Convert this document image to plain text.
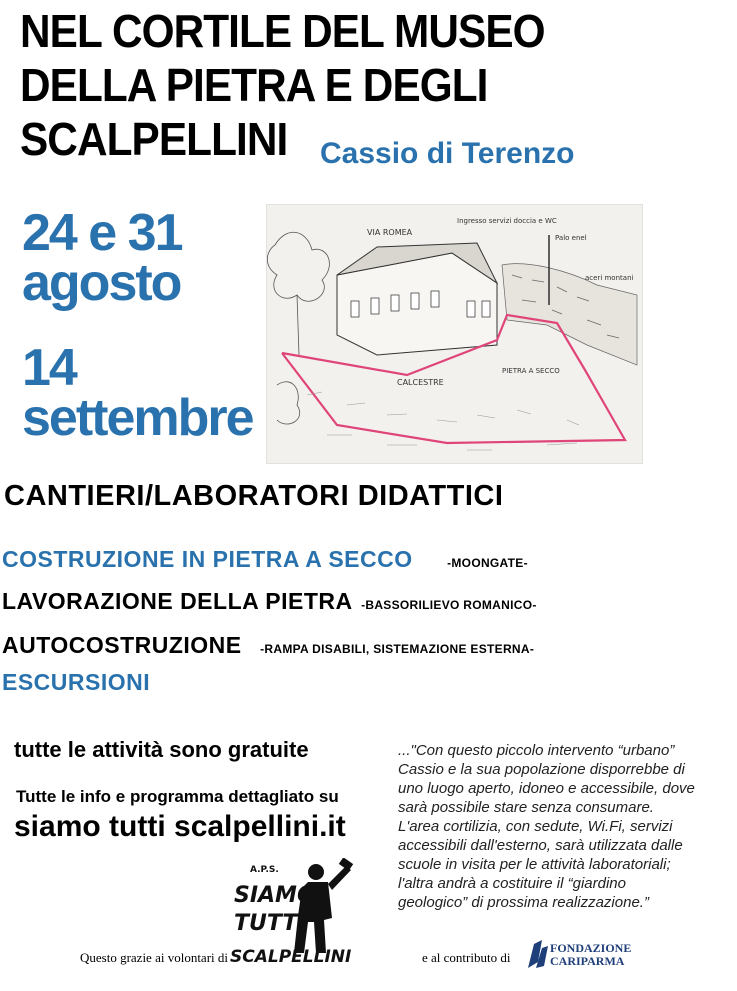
NEL CORTILE DEL MUSEO
DELLA PIETRA E DEGLI
SCALPELLINI	Cassio di Terenzo
24 e 31
agosto
14
settembre
VIA ROMEA
Ingresso servizi doccia e WC
Palo enel
aceri montani
CALCESTRE
PIETRA A SECCO
CANTIERI/LABORATORI DIDATTICI
COSTRUZIONE IN PIETRA A SECCO	-MOONGATE-
LAVORAZIONE DELLA PIETRA -BASSORILIEVO ROMANICO-
AUTOCOSTRUZIONE -RAMPA DISABILI, SISTEMAZIONE ESTERNA-
ESCURSIONI
tutte le attività sono gratuite
Tutte le info e programma dettagliato su
siamo tutti scalpellini.it
..."Con questo piccolo intervento “urbano” Cassio e la sua popolazione disporrebbe di uno luogo aperto, idoneo e accessibile, dove sarà possibile stare senza consumare. L'area cortilizia, con sedute, Wi.Fi, servizi accessibili dall'esterno, sarà utilizzata dalle scuole in visita per le attività laboratoriali; l'altra andrà a costituire il “giardino geologico” di prossima realizzazione.”
A.P.S.
SIAMO
TUTTI
SCALPELLINI
Questo grazie ai volontari di	e al contributo di
FONDAZIONE
CARIPARMA
